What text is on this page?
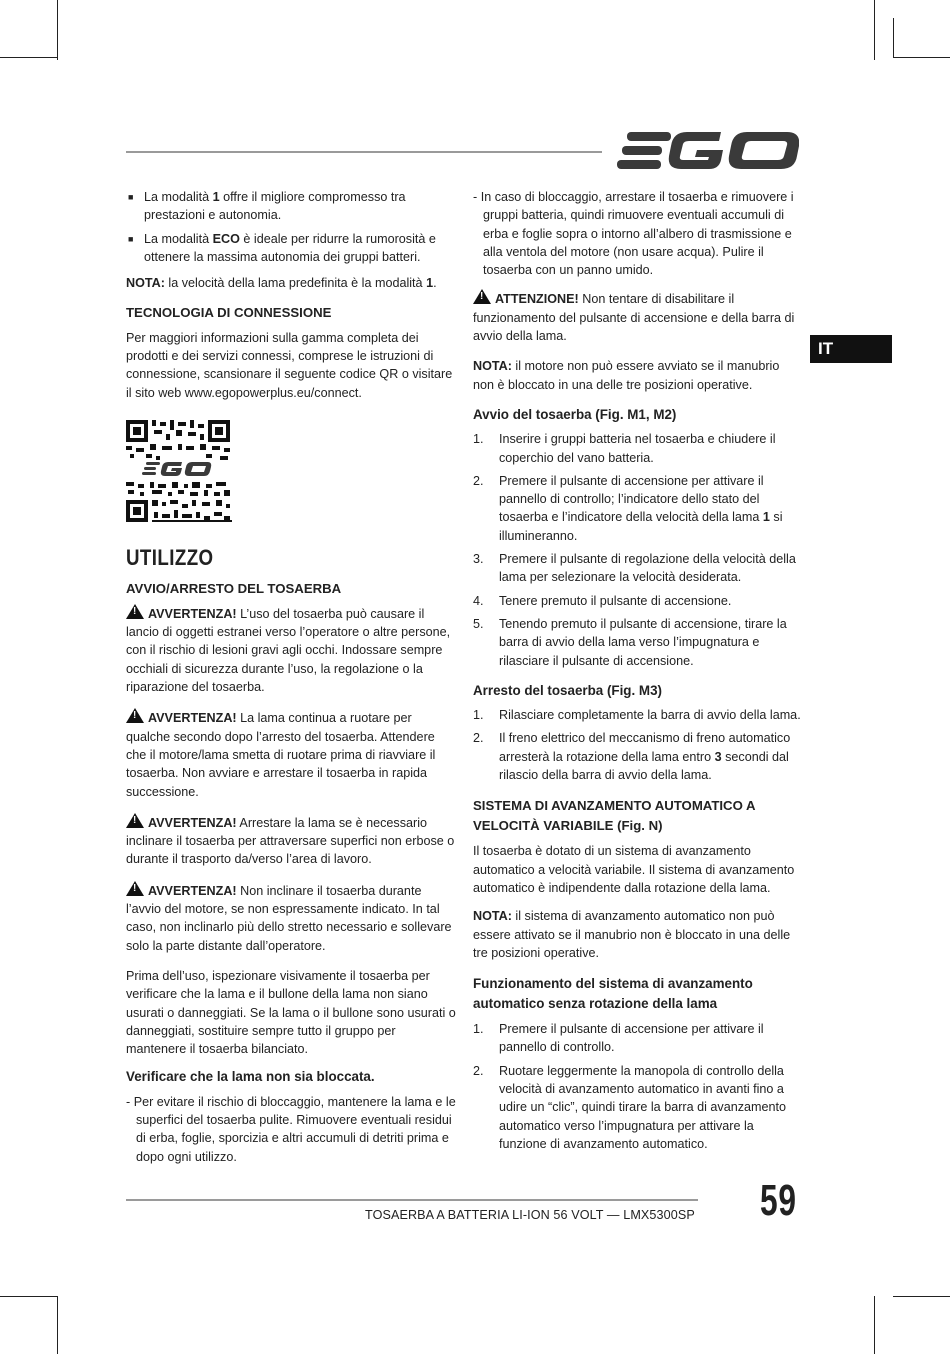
IT
■ La modalità 1 offre il migliore compromesso tra prestazioni e autonomia.
■ La modalità ECO è ideale per ridurre la rumorosità e ottenere la massima autonomia dei gruppi batteri.

NOTA: la velocità della lama predefinita è la modalità 1.

TECNOLOGIA DI CONNESSIONE

Per maggiori informazioni sulla gamma completa dei prodotti e dei servizi connessi, comprese le istruzioni di connessione, scansionare il seguente codice QR o visitare il sito web www.egopowerplus.eu/connect.

UTILIZZO
AVVIO/ARRESTO DEL TOSAERBA

! AVVERTENZA! L’uso del tosaerba può causare il lancio di oggetti estranei verso l’operatore o altre persone, con il rischio di lesioni gravi agli occhi. Indossare sempre occhiali di sicurezza durante l’uso, la regolazione o la riparazione del tosaerba.

! AVVERTENZA! La lama continua a ruotare per qualche secondo dopo l’arresto del tosaerba. Attendere che il motore/lama smetta di ruotare prima di riavviare il tosaerba. Non avviare e arrestare il tosaerba in rapida successione.

! AVVERTENZA! Arrestare la lama se è necessario inclinare il tosaerba per attraversare superfici non erbose o durante il trasporto da/verso l’area di lavoro.

! AVVERTENZA! Non inclinare il tosaerba durante l’avvio del motore, se non espressamente indicato. In tal caso, non inclinarlo più dello stretto necessario e sollevare solo la parte distante dall’operatore.

Prima dell’uso, ispezionare visivamente il tosaerba per verificare che la lama e il bullone della lama non siano usurati o danneggiati. Se la lama o il bullone sono usurati o danneggiati, sostituire sempre tutto il gruppo per mantenere il tosaerba bilanciato.

Verificare che la lama non sia bloccata.

- Per evitare il rischio di bloccaggio, mantenere la lama e le superfici del tosaerba pulite. Rimuovere eventuali residui di erba, foglie, sporcizia e altri accumuli di detriti prima e dopo ogni utilizzo.

- In caso di bloccaggio, arrestare il tosaerba e rimuovere i gruppi batteria, quindi rimuovere eventuali accumuli di erba e foglie sopra o intorno all’albero di trasmissione e alla ventola del motore (non usare acqua). Pulire il tosaerba con un panno umido.

! ATTENZIONE! Non tentare di disabilitare il funzionamento del pulsante di accensione e della barra di avvio della lama.

NOTA: il motore non può essere avviato se il manubrio non è bloccato in una delle tre posizioni operative.

Avvio del tosaerba (Fig. M1, M2)
1. Inserire i gruppi batteria nel tosaerba e chiudere il coperchio del vano batteria.
2. Premere il pulsante di accensione per attivare il pannello di controllo; l’indicatore dello stato del tosaerba e l’indicatore della velocità della lama 1 si illumineranno.
3. Premere il pulsante di regolazione della velocità della lama per selezionare la velocità desiderata.
4. Tenere premuto il pulsante di accensione.
5. Tenendo premuto il pulsante di accensione, tirare la barra di avvio della lama verso l’impugnatura e rilasciare il pulsante di accensione.
Arresto del tosaerba (Fig. M3)
1. Rilasciare completamente la barra di avvio della lama.
2. Il freno elettrico del meccanismo di freno automatico arresterà la rotazione della lama entro 3 secondi dal rilascio della barra di avvio della lama.
SISTEMA DI AVANZAMENTO AUTOMATICO A VELOCITÀ VARIABILE (Fig. N)

Il tosaerba è dotato di un sistema di avanzamento automatico a velocità variabile. Il sistema di avanzamento automatico è indipendente dalla rotazione della lama.

NOTA: il sistema di avanzamento automatico non può essere attivato se il manubrio non è bloccato in una delle tre posizioni operative.

Funzionamento del sistema di avanzamento automatico senza rotazione della lama
1. Premere il pulsante di accensione per attivare il pannello di controllo.
2. Ruotare leggermente la manopola di controllo della velocità di avanzamento automatico in avanti fino a udire un “clic”, quindi tirare la barra di avanzamento automatico verso l’impugnatura per attivare la funzione di avanzamento automatico.
TOSAERBA A BATTERIA LI-ION 56 VOLT — LMX5300SP 59
